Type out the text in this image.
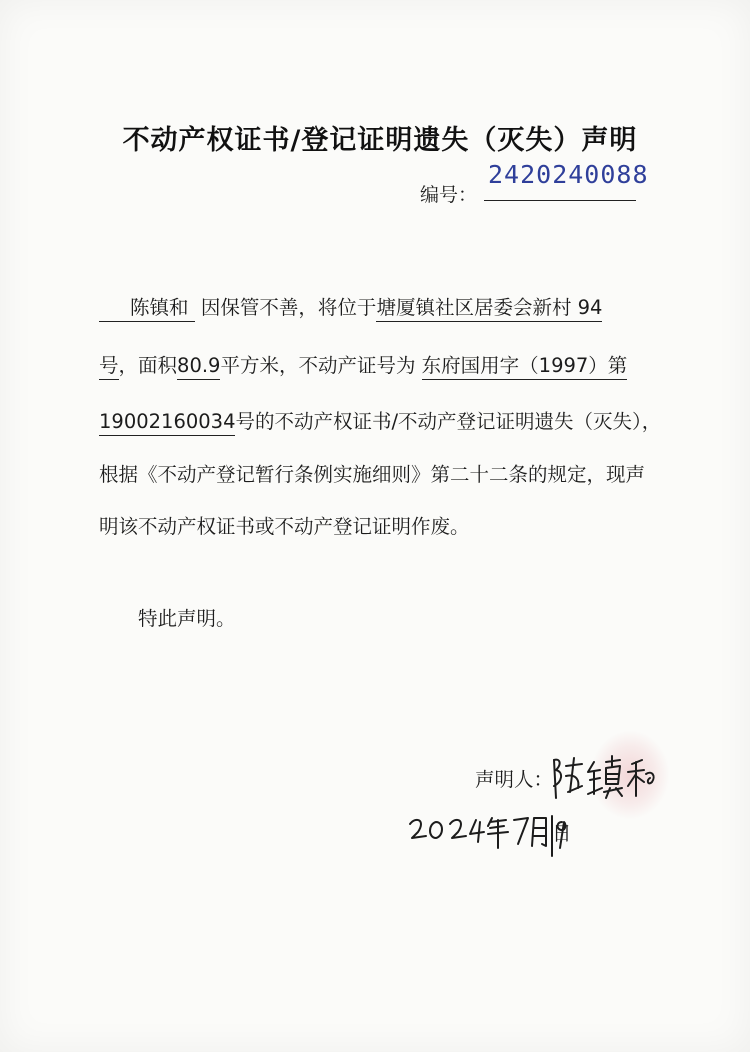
不动产权证书/登记证明遗失（灭失）声明
编号：
2420240088
陈镇和 因保管不善，将位于塘厦镇社区居委会新村 94
号，面积80.9平方米，不动产证号为 东府国用字（1997）第
19002160034号的不动产权证书/不动产登记证明遗失（灭失），
根据《不动产登记暂行条例实施细则》第二十二条的规定，现声
明该不动产权证书或不动产登记证明作废。
特此声明。
声明人：
日
